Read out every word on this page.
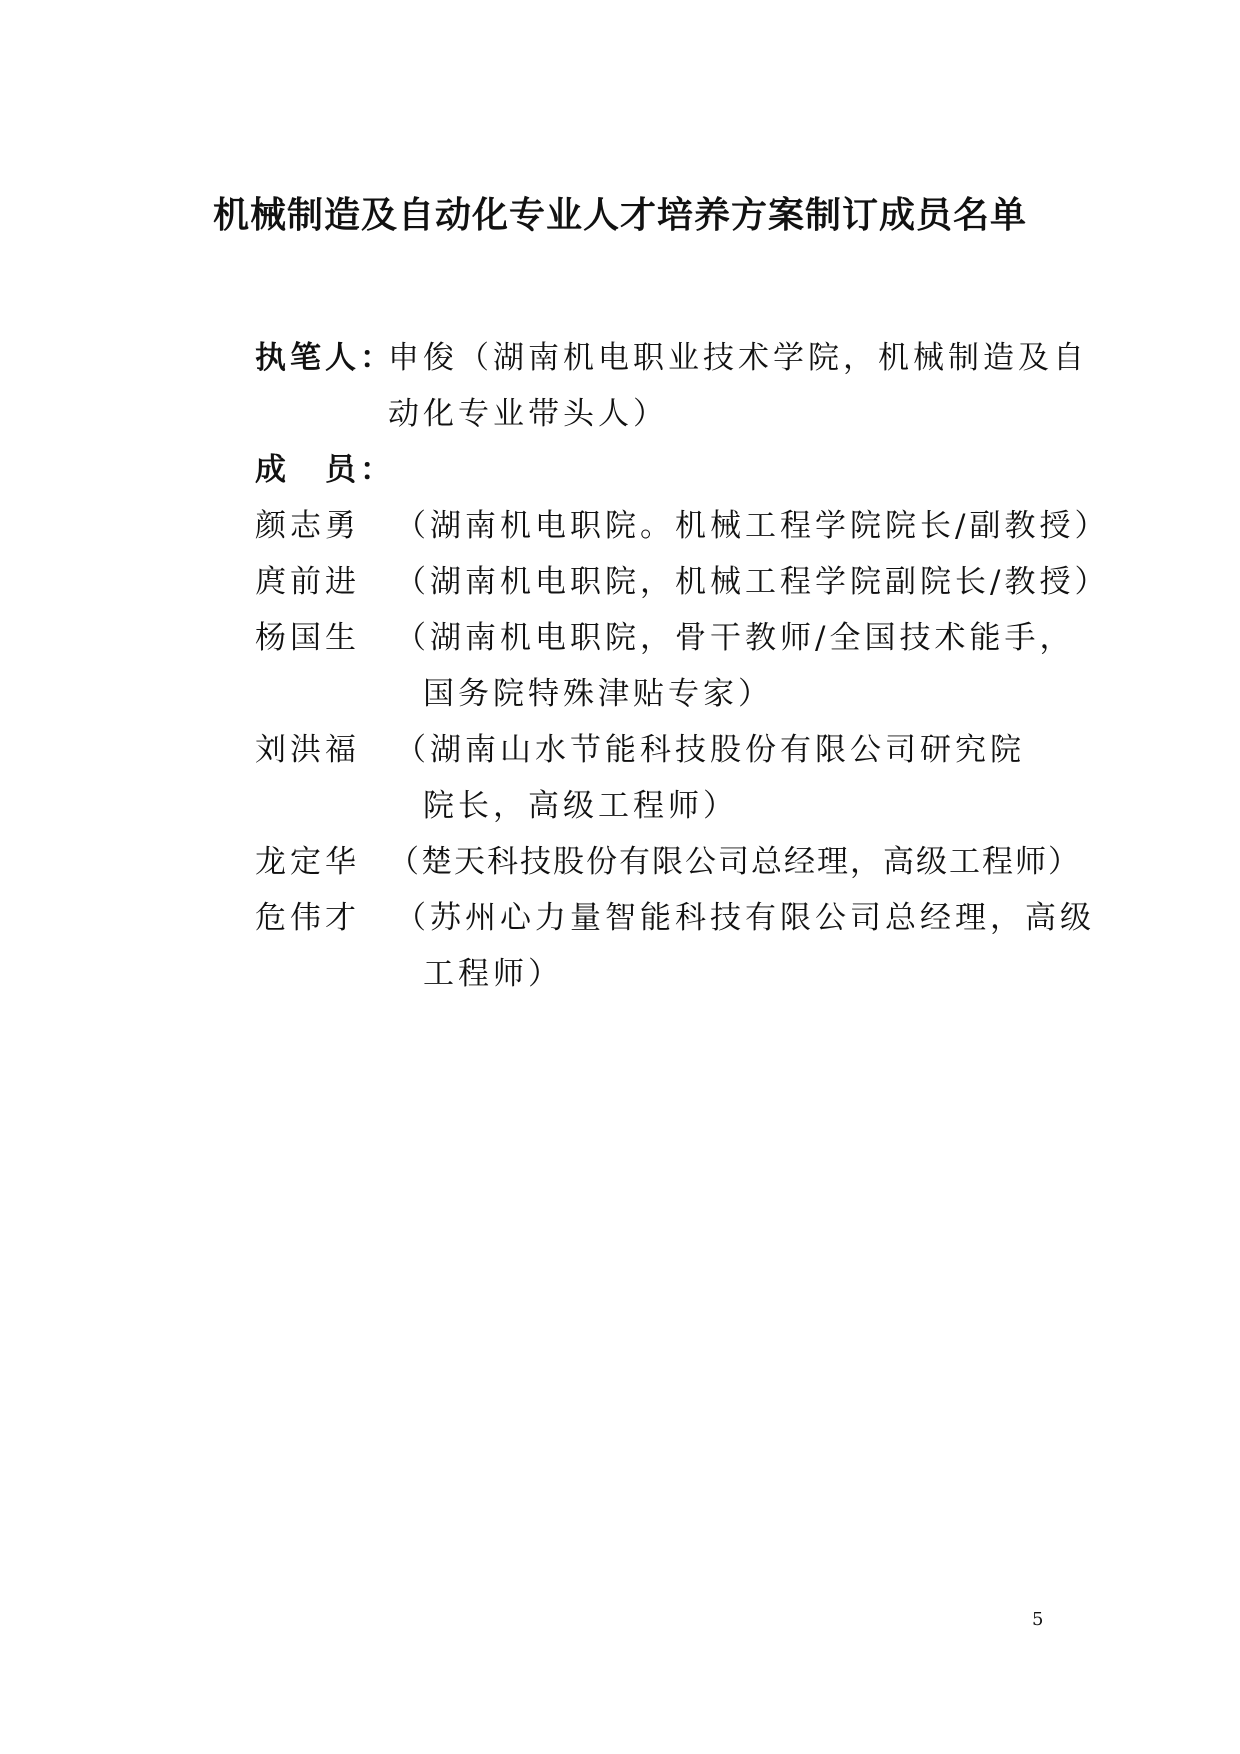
机械制造及自动化专业人才培养方案制订成员名单
执笔人：
申俊（湖南机电职业技术学院，机械制造及自
动化专业带头人）
成　员：
颜志勇 （湖南机电职院。机械工程学院院长/副教授）
庹前进 （湖南机电职院，机械工程学院副院长/教授）
杨国生 （湖南机电职院，骨干教师/全国技术能手，
国务院特殊津贴专家）
刘洪福 （湖南山水节能科技股份有限公司研究院
院长，高级工程师）
龙定华 （楚天科技股份有限公司总经理，高级工程师）
危伟才 （苏州心力量智能科技有限公司总经理，高级
工程师）
5
